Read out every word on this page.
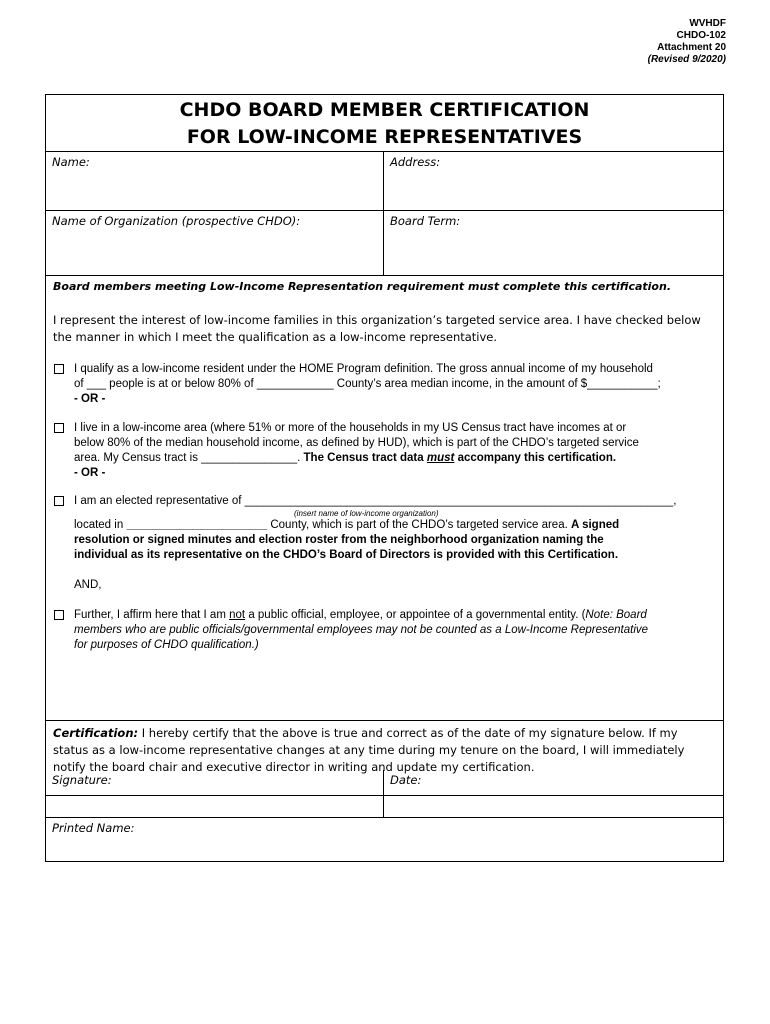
WVHDF
CHDO-102
Attachment 20
(Revised 9/2020)
CHDO BOARD MEMBER CERTIFICATION
FOR LOW-INCOME REPRESENTATIVES
Name:	Address:
Name of Organization (prospective CHDO):	Board Term:
Board members meeting Low-Income Representation requirement must complete this certification.
I represent the interest of low-income families in this organization’s targeted service area. I have checked below the manner in which I meet the qualification as a low-income representative.
I qualify as a low-income resident under the HOME Program definition. The gross annual income of my household
of ___ people is at or below 80% of ____________ County’s area median income, in the amount of $___________;
- OR -
I live in a low-income area (where 51% or more of the households in my US Census tract have incomes at or
below 80% of the median household income, as defined by HUD), which is part of the CHDO’s targeted service
area. My Census tract is _______________. The Census tract data must accompany this certification.
- OR -
I am an elected representative of ___________________________________________________________________,
(insert name of low-income organization)
located in ______________________ County, which is part of the CHDO’s targeted service area. A signed
resolution or signed minutes and election roster from the neighborhood organization naming the
individual as its representative on the CHDO’s Board of Directors is provided with this Certification.
AND,
Further, I affirm here that I am not a public official, employee, or appointee of a governmental entity. (Note: Board
members who are public officials/governmental employees may not be counted as a Low-Income Representative
for purposes of CHDO qualification.)
Certification: I hereby certify that the above is true and correct as of the date of my signature below. If my status as a low-income representative changes at any time during my tenure on the board, I will immediately notify the board chair and executive director in writing and update my certification.
Signature:	Date:
Printed Name:
